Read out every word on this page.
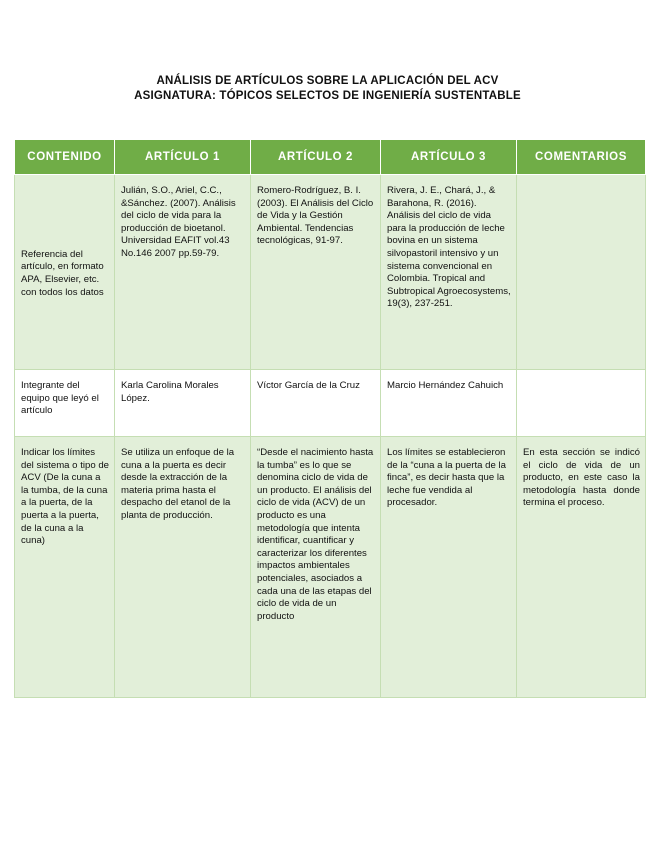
ANÁLISIS DE ARTÍCULOS SOBRE LA APLICACIÓN DEL ACV
ASIGNATURA: TÓPICOS SELECTOS DE INGENIERÍA SUSTENTABLE
CONTENIDO	ARTÍCULO 1	ARTÍCULO 2	ARTÍCULO 3	COMENTARIOS
Referencia del artículo, en formato APA, Elsevier, etc. con todos los datos	Julián, S.O., Ariel, C.C., &Sánchez. (2007). Análisis del ciclo de vida para la producción de bioetanol. Universidad EAFIT vol.43 No.146 2007 pp.59-79.	Romero-Rodríguez, B. I. (2003). El Análisis del Ciclo de Vida y la Gestión Ambiental. Tendencias tecnológicas, 91-97.	Rivera, J. E., Chará, J., & Barahona, R. (2016). Análisis del ciclo de vida para la producción de leche bovina en un sistema silvopastoril intensivo y un sistema convencional en Colombia. Tropical and Subtropical Agroecosystems, 19(3), 237-251.	
Integrante del equipo que leyó el artículo	Karla Carolina Morales López.	Víctor García de la Cruz	Marcio Hernández Cahuich	
Indicar los límites del sistema o tipo de ACV (De la cuna a la tumba, de la cuna a la puerta, de la puerta a la puerta, de la cuna a la cuna)	Se utiliza un enfoque de la cuna a la puerta es decir desde la extracción de la materia prima hasta el despacho del etanol de la planta de producción.	“Desde el nacimiento hasta la tumba” es lo que se denomina ciclo de vida de un producto. El análisis del ciclo de vida (ACV) de un producto es una metodología que intenta identificar, cuantificar y caracterizar los diferentes impactos ambientales potenciales, asociados a cada una de las etapas del ciclo de vida de un producto	Los límites se establecieron de la “cuna a la puerta de la finca”, es decir hasta que la leche fue vendida al procesador.	En esta sección se indicó el ciclo de vida de un producto, en este caso la metodología hasta donde termina el proceso.
